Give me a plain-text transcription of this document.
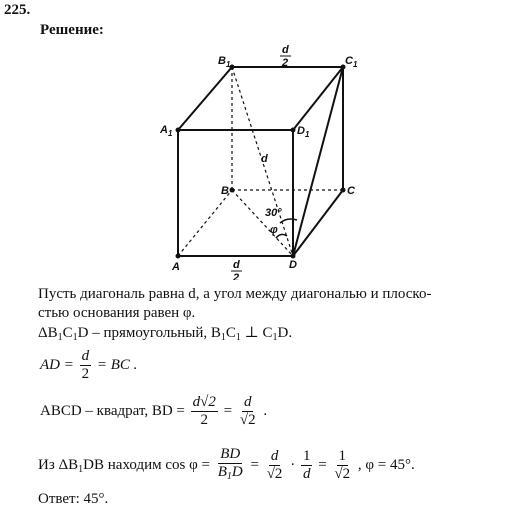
225.
Решение:
$B_1$	$C_1$
$A_1$	$D_1$
B	C
A	D
d
2
d
30°
φ
d
2
Пусть диагональ равна d, а угол между диагональю и плоско-
стью основания равен φ.
$\Delta B_1C_1D$ – прямоугольный, $B_1C_1$ ⊥ $C_1D$.
AD = $\frac{d}{2}$ = BC .
ABCD – квадрат, BD = $\frac{d√2}{2} = \frac{d}{√2}$ .
Из $\Delta B_1DB$ находим $\cos \varphi = \frac{BD}{B_1D} = \frac{d}{√2} \cdot \frac{1}{d} = \frac{1}{√2}$ , φ = 45°.
Ответ: 45°.
